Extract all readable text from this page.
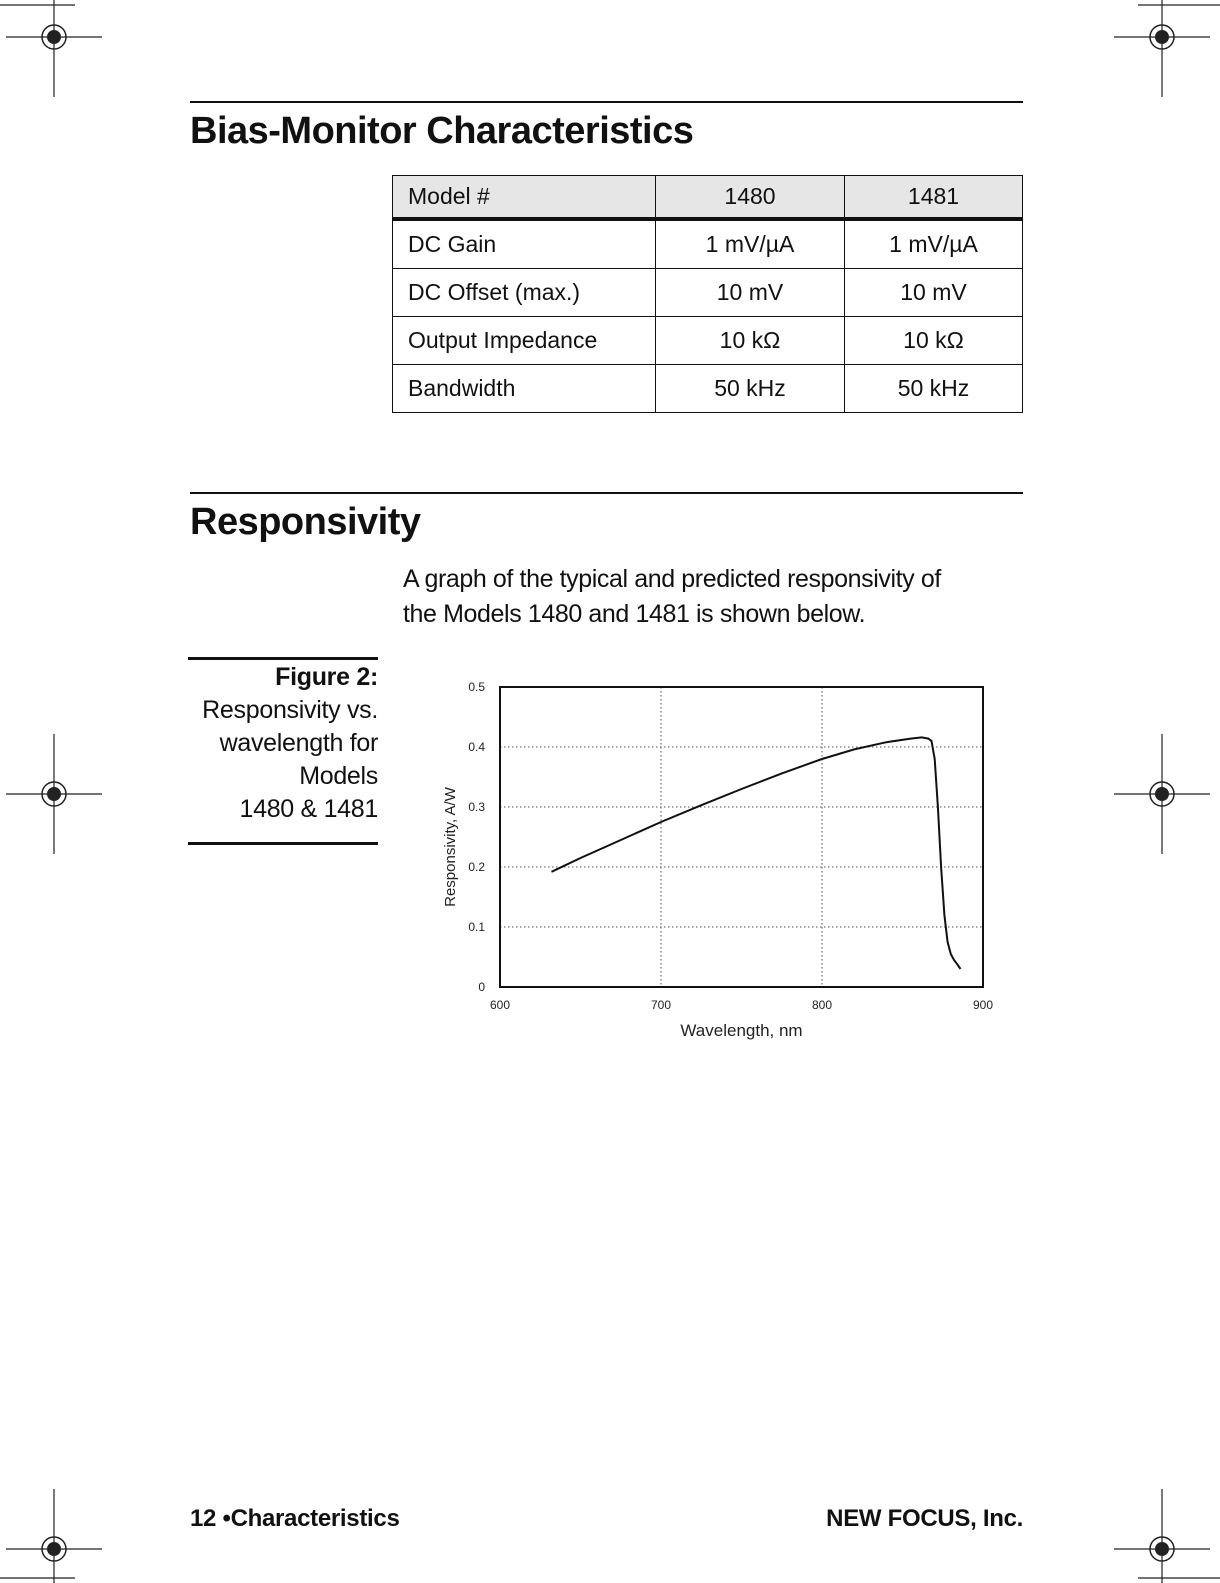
Bias-Monitor Characteristics
Model #	1480	1481
DC Gain	1 mV/µA	1 mV/µA
DC Offset (max.)	10 mV	10 mV
Output Impedance	10 kΩ	10 kΩ
Bandwidth	50 kHz	50 kHz
Responsivity
A graph of the typical and predicted responsivity of
the Models 1480 and 1481 is shown below.
Figure 2:
Responsivity vs.
wavelength for
Models
1480 & 1481
600	700	800	900
0
0.1
0.2
0.3
0.4
0.5
Wavelength, nm
Responsivity, A/W
12 •Characteristics	NEW FOCUS, Inc.
